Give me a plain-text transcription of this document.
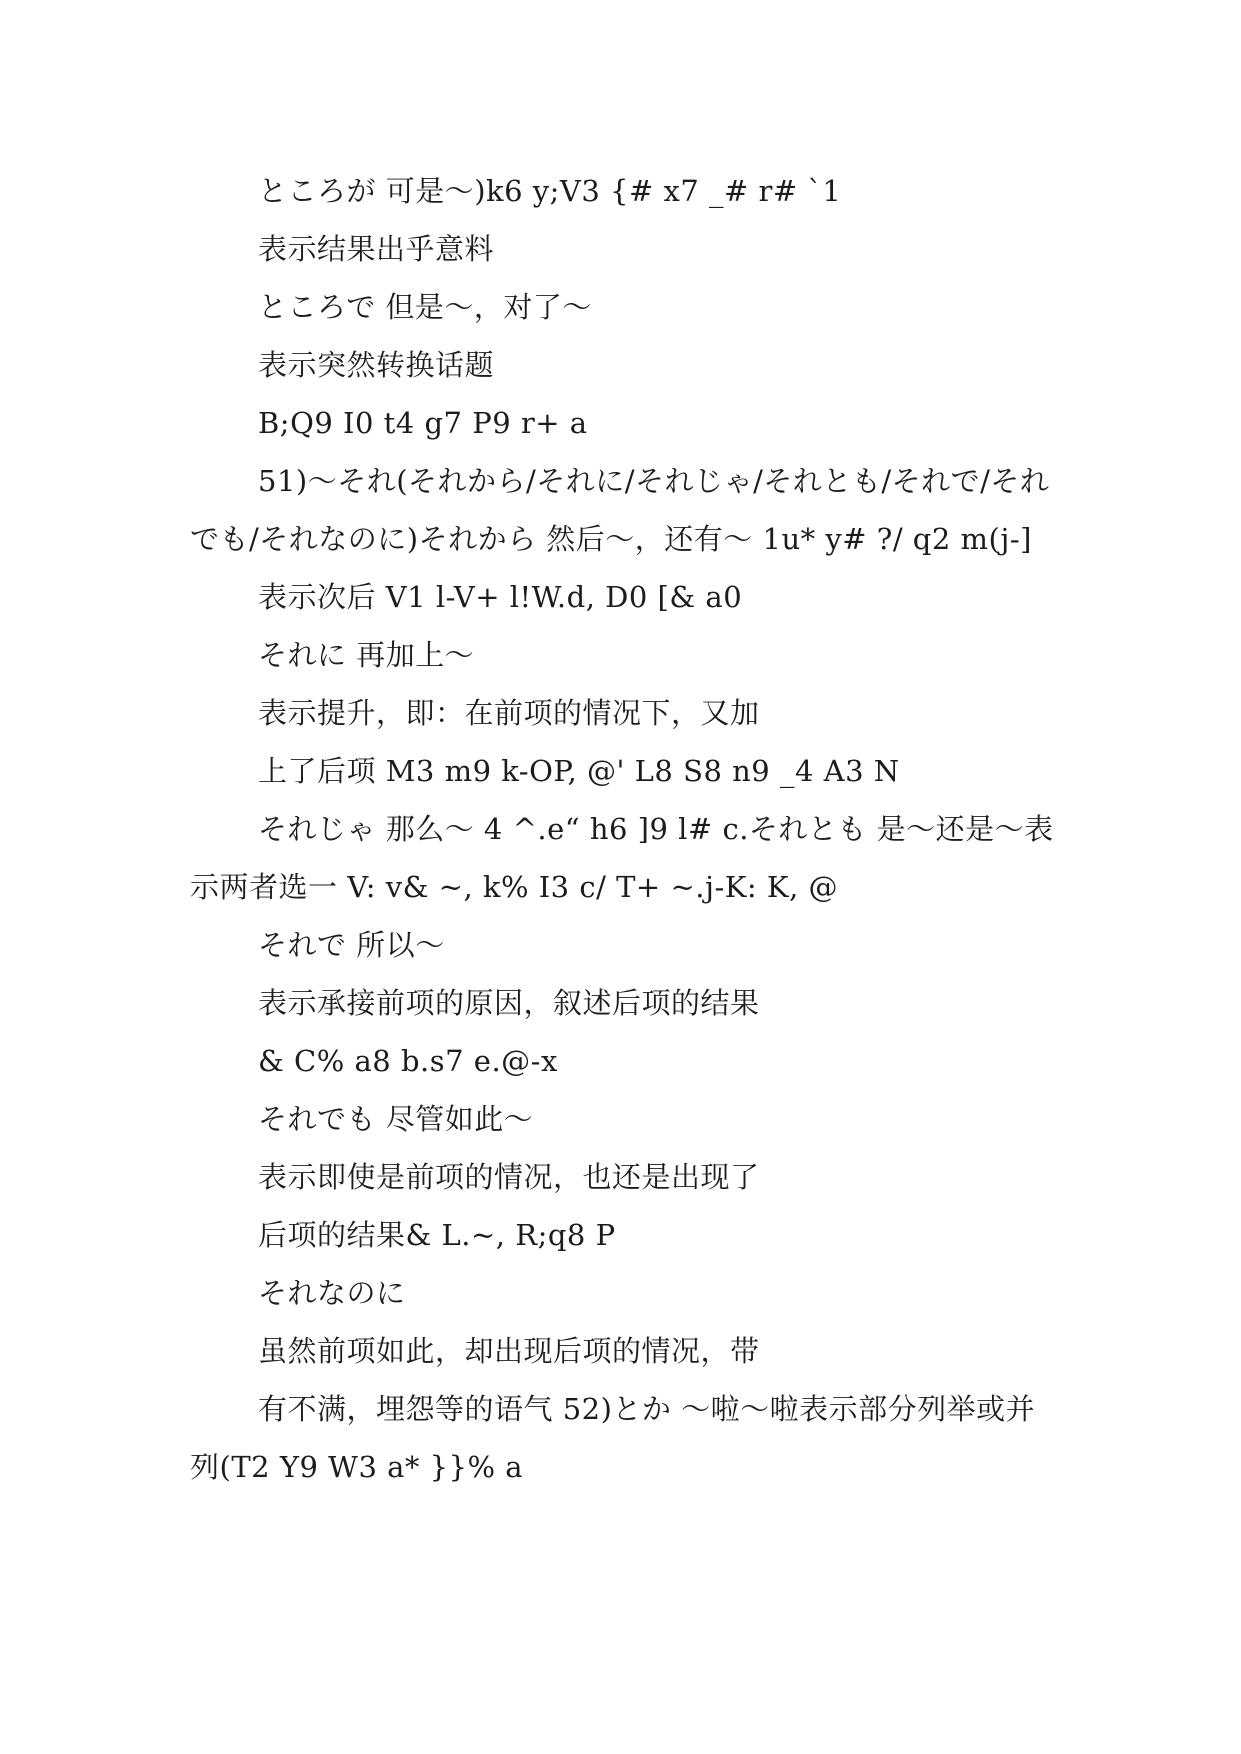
ところが 可是～)k6 y;V3 {# x7 _# r# `1

表示结果出乎意料

ところで 但是～，对了～

表示突然转换话题

B;Q9 I0 t4 g7 P9 r+ a

51)～それ(それから/それに/それじゃ/それとも/それで/それでも/それなのに)それから 然后～，还有～ 1u* y# ?/ q2 m(j-]

表示次后 V1 l-V+ l!W.d, D0 [& a0

それに 再加上～

表示提升，即：在前项的情况下，又加

上了后项 M3 m9 k-OP, @' L8 S8 n9 _4 A3 N

それじゃ 那么～ 4 ^.e“ h6 ]9 l# c.それとも 是～还是～表示两者选一 V: v& ~, k% I3 c/ T+ ~.j-K: K, @

それで 所以～

表示承接前项的原因，叙述后项的结果

& C% a8 b.s7 e.@-x

それでも 尽管如此～

表示即使是前项的情况，也还是出现了

后项的结果& L.~, R;q8 P

それなのに

虽然前项如此，却出现后项的情况，带

有不满，埋怨等的语气 52)とか ～啦～啦表示部分列举或并列(T2 Y9 W3 a* }}% a
